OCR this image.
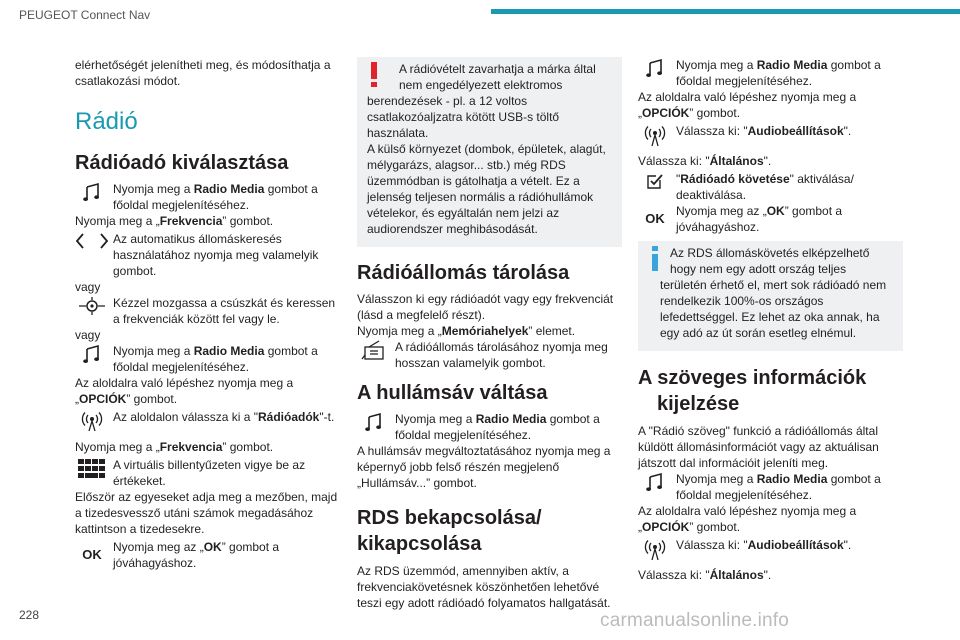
PEUGEOT Connect Nav

elérhetőségét jelenítheti meg, és módosíthatja a csatlakozási módot.

Rádió
Rádióadó kiválasztása
Nyomja meg a Radio Media gombot a főoldal megjelenítéséhez.

Nyomja meg a „Frekvencia” gombot.

Az automatikus állomáskeresés használatához nyomja meg valamelyik gombot.

vagy

Kézzel mozgassa a csúszkát és keressen a frekvenciák között fel vagy le.

vagy

Nyomja meg a Radio Media gombot a főoldal megjelenítéséhez.

Az aloldalra való lépéshez nyomja meg a „OPCIÓK” gombot.

Az aloldalon válassza ki a "Rádióadók"-t.

Nyomja meg a „Frekvencia” gombot.

A virtuális billentyűzeten vigye be az értékeket.

Először az egyeseket adja meg a mezőben, majd a tizedesvessző utáni számok megadásához kattintson a tizedesekre.

OK Nyomja meg az „OK” gombot a jóváhagyáshoz.

A rádióvételt zavarhatja a márka által nem engedélyezett elektromos

berendezések - pl. a 12 voltos csatlakozóaljzatra kötött USB-s töltő használata.

A külső környezet (dombok, épületek, alagút, mélygarázs, alagsor... stb.) még RDS üzemmódban is gátolhatja a vételt. Ez a jelenség teljesen normális a rádióhullámok vételekor, és egyáltalán nem jelzi az audiorendszer meghibásodását.

Rádióállomás tárolása

Válasszon ki egy rádióadót vagy egy frekvenciát (lásd a megfelelő részt).

Nyomja meg a „Memóriahelyek” elemet.

A rádióállomás tárolásához nyomja meg hosszan valamelyik gombot.
A hullámsáv váltása
Nyomja meg a Radio Media gombot a főoldal megjelenítéséhez.

A hullámsáv megváltoztatásához nyomja meg a képernyő jobb felső részén megjelenő „Hullámsáv...” gombot.

RDS bekapcsolása/
kikapcsolása

Az RDS üzemmód, amennyiben aktív, a frekvenciakövetésnek köszönhetően lehetővé teszi egy adott rádióadó folyamatos hallgatását.

Nyomja meg a Radio Media gombot a főoldal megjelenítéséhez.

Az aloldalra való lépéshez nyomja meg a „OPCIÓK” gombot.

Válassza ki: "Audiobeállítások".

Válassza ki: "Általános".

"Rádióadó követése" aktiválása/ deaktiválása.
OK Nyomja meg az „OK” gombot a jóváhagyáshoz.

Az RDS állomáskövetés elképzelhető

hogy nem egy adott ország teljes területén érhető el, mert sok rádióadó nem rendelkezik 100%-os országos lefedettséggel. Ez lehet az oka annak, ha egy adó az út során esetleg elnémul.

A szöveges információk
kijelzése

A "Rádió szöveg" funkció a rádióállomás által küldött állomásinformációt vagy az aktuálisan játszott dal információit jeleníti meg.

Nyomja meg a Radio Media gombot a főoldal megjelenítéséhez.

Az aloldalra való lépéshez nyomja meg a „OPCIÓK” gombot.

Válassza ki: "Audiobeállítások".

Válassza ki: "Általános".

228	carmanualsonline.info
